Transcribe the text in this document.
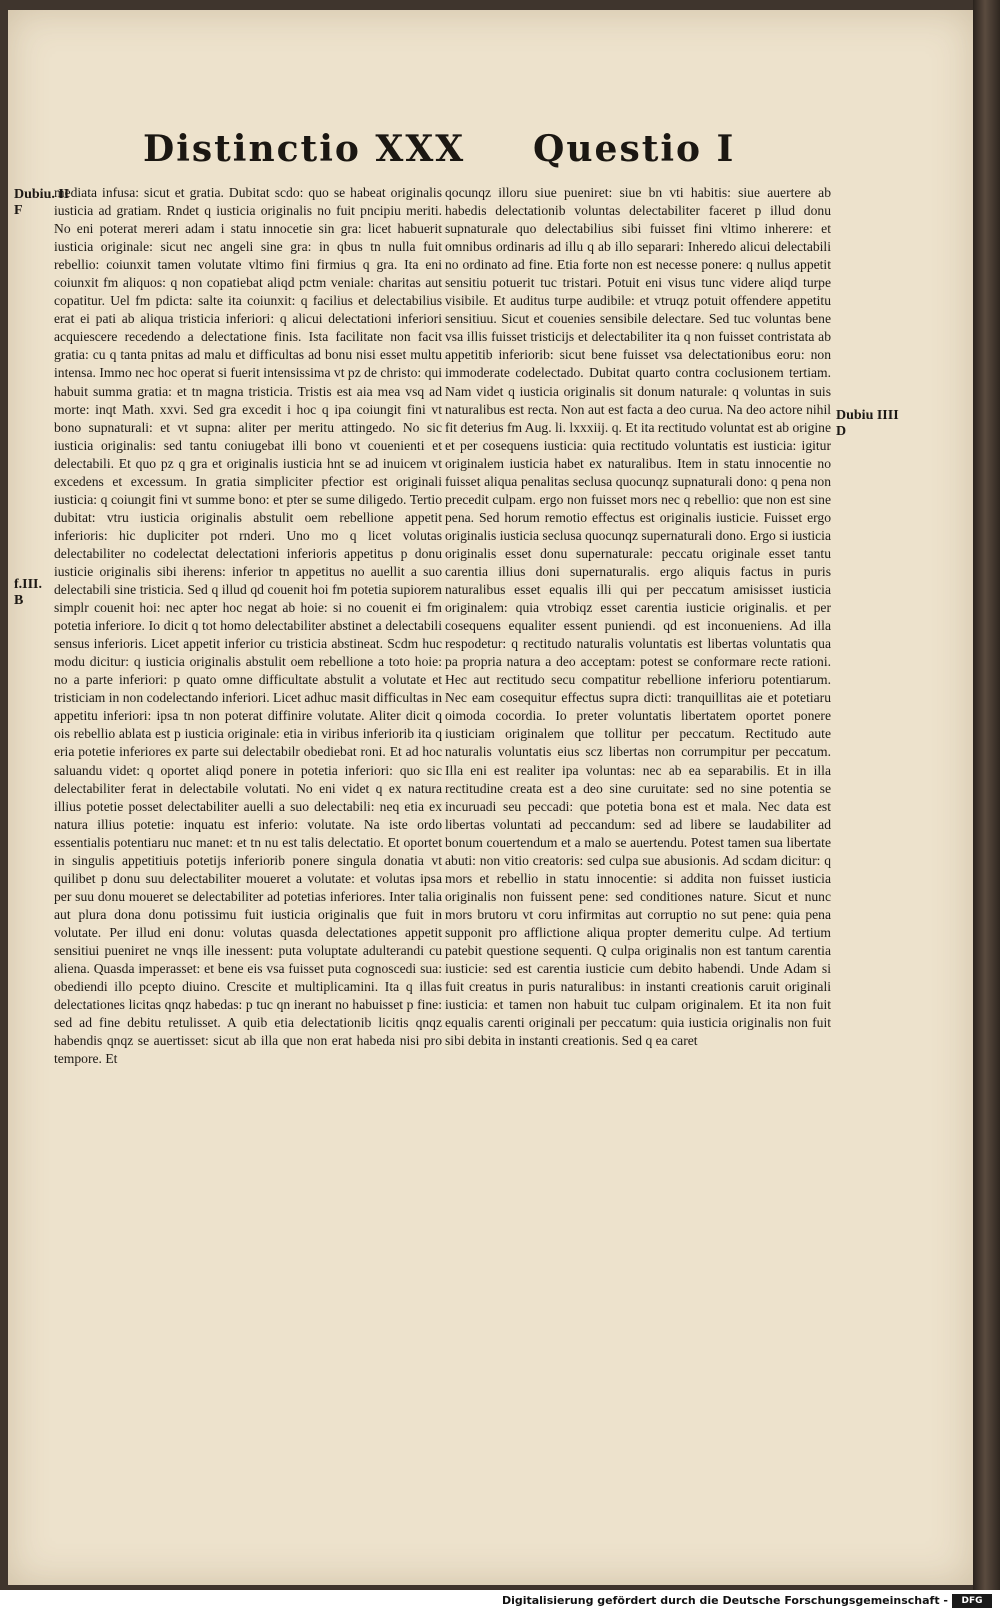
Distinctio XXX Questio I
Dubiu. II
F
f.III.
B
Dubiu IIII
D

mediata infusa: sicut et gratia. Dubitat scdo: quo se habeat originalis iusticia ad gratiam. Rndet q iusticia originalis no fuit pncipiu meriti. No eni poterat mereri adam i statu innocetie sin gra: licet habuerit iusticia originale: sicut nec angeli sine gra: in qbus tn nulla fuit rebellio: coiunxit tamen volutate vltimo fini firmius q gra. Ita eni coiunxit fm aliquos: q non copatiebat aliqd pctm veniale: charitas aut copatitur. Uel fm pdicta: salte ita coiunxit: q facilius et delectabilius erat ei pati ab aliqua tristicia inferiori: q alicui delectationi inferiori acquiescere recedendo a delectatione finis. Ista facilitate non facit gratia: cu q tanta pnitas ad malu et difficultas ad bonu nisi esset multu intensa. Immo nec hoc operat si fuerit intensissima vt pz de christo: qui habuit summa gratia: et tn magna tristicia. Tristis est aia mea vsq ad morte: inqt Math. xxvi. Sed gra excedit i hoc q ipa coiungit fini vt bono supnaturali: et vt supna: aliter per meritu attingedo. No sic iusticia originalis: sed tantu coniugebat illi bono vt couenienti et delectabili. Et quo pz q gra et originalis iusticia hnt se ad inuicem vt excedens et excessum. In gratia simpliciter pfectior est originali iusticia: q coiungit fini vt summe bono: et pter se sume diligedo. Tertio dubitat: vtru iusticia originalis abstulit oem rebellione appetit inferioris: hic dupliciter pot rnderi. Uno mo q licet volutas delectabiliter no codelectat delectationi inferioris appetitus p donu iusticie originalis sibi iherens: inferior tn appetitus no auellit a suo delectabili sine tristicia. Sed q illud qd couenit hoi fm potetia supiorem simplr couenit hoi: nec apter hoc negat ab hoie: si no couenit ei fm potetia inferiore. Io dicit q tot homo delectabiliter abstinet a delectabili sensus inferioris. Licet appetit inferior cu tristicia abstineat. Scdm huc modu dicitur: q iusticia originalis abstulit oem rebellione a toto hoie: no a parte inferiori: p quato omne difficultate abstulit a volutate et tristiciam in non codelectando inferiori. Licet adhuc masit difficultas in appetitu inferiori: ipsa tn non poterat diffinire volutate. Aliter dicit q ois rebellio ablata est p iusticia originale: etia in viribus inferiorib ita q eria potetie inferiores ex parte sui delectabilr obediebat roni. Et ad hoc saluandu videt: q oportet aliqd ponere in potetia inferiori: quo sic delectabiliter ferat in delectabile volutati. No eni videt q ex natura illius potetie posset delectabiliter auelli a suo delectabili: neq etia ex natura illius potetie: inquatu est inferio: volutate. Na iste ordo essentialis potentiaru nuc manet: et tn nu est talis delectatio. Et oportet in singulis appetitiuis potetijs inferiorib ponere singula donatia vt quilibet p donu suu delectabiliter moueret a volutate: et volutas ipsa per suu donu moueret se delectabiliter ad potetias inferiores. Inter talia aut plura dona donu potissimu fuit iusticia originalis que fuit in volutate. Per illud eni donu: volutas quasda delectationes appetit sensitiui pueniret ne vnqs ille inessent: puta voluptate adulterandi cu aliena. Quasda imperasset: et bene eis vsa fuisset puta cognoscedi sua: obediendi illo pcepto diuino. Crescite et multiplicamini. Ita q illas delectationes licitas qnqz habedas: p tuc qn inerant no habuisset p fine: sed ad fine debitu retulisset. A quib etia delectationib licitis qnqz habendis qnqz se auertisset: sicut ab illa que non erat habeda nisi pro tempore. Et

qocunqz illoru siue pueniret: siue bn vti habitis: siue auertere ab habedis delectationib voluntas delectabiliter faceret p illud donu supnaturale quo delectabilius sibi fuisset fini vltimo inherere: et omnibus ordinaris ad illu q ab illo separari: Inheredo alicui delectabili no ordinato ad fine. Etia forte non est necesse ponere: q nullus appetit sensitiu potuerit tuc tristari. Potuit eni visus tunc videre aliqd turpe visibile. Et auditus turpe audibile: et vtruqz potuit offendere appetitu sensitiuu. Sicut et couenies sensibile delectare. Sed tuc voluntas bene vsa illis fuisset tristicijs et delectabiliter ita q non fuisset contristata ab appetitib inferiorib: sicut bene fuisset vsa delectationibus eoru: non immoderate codelectado. Dubitat quarto contra coclusionem tertiam. Nam videt q iusticia originalis sit donum naturale: q voluntas in suis naturalibus est recta. Non aut est facta a deo curua. Na deo actore nihil fit deterius fm Aug. li. lxxxiij. q. Et ita rectitudo voluntat est ab origine et per cosequens iusticia: quia rectitudo voluntatis est iusticia: igitur originalem iusticia habet ex naturalibus. Item in statu innocentie no fuisset aliqua penalitas seclusa quocunqz supnaturali dono: q pena non precedit culpam. ergo non fuisset mors nec q rebellio: que non est sine pena. Sed horum remotio effectus est originalis iusticie. Fuisset ergo originalis iusticia seclusa quocunqz supernaturali dono. Ergo si iusticia originalis esset donu supernaturale: peccatu originale esset tantu carentia illius doni supernaturalis. ergo aliquis factus in puris naturalibus esset equalis illi qui per peccatum amisisset iusticia originalem: quia vtrobiqz esset carentia iusticie originalis. et per cosequens equaliter essent puniendi. qd est inconueniens. Ad illa respodetur: q rectitudo naturalis voluntatis est libertas voluntatis qua pa propria natura a deo acceptam: potest se conformare recte rationi. Hec aut rectitudo secu compatitur rebellione inferioru potentiarum. Nec eam cosequitur effectus supra dicti: tranquillitas aie et potetiaru oimoda cocordia. Io preter voluntatis libertatem oportet ponere iusticiam originalem que tollitur per peccatum. Rectitudo aute naturalis voluntatis eius scz libertas non corrumpitur per peccatum. Illa eni est realiter ipa voluntas: nec ab ea separabilis. Et in illa rectitudine creata est a deo sine curuitate: sed no sine potentia se incuruadi seu peccadi: que potetia bona est et mala. Nec data est libertas voluntati ad peccandum: sed ad libere se laudabiliter ad bonum couertendum et a malo se auertendu. Potest tamen sua libertate abuti: non vitio creatoris: sed culpa sue abusionis. Ad scdam dicitur: q mors et rebellio in statu innocentie: si addita non fuisset iusticia originalis non fuissent pene: sed conditiones nature. Sicut et nunc mors brutoru vt coru infirmitas aut corruptio no sut pene: quia pena supponit pro afflictione aliqua propter demeritu culpe. Ad tertium patebit questione sequenti. Q culpa originalis non est tantum carentia iusticie: sed est carentia iusticie cum debito habendi. Unde Adam si fuit creatus in puris naturalibus: in instanti creationis caruit originali iusticia: et tamen non habuit tuc culpam originalem. Et ita non fuit equalis carenti originali per peccatum: quia iusticia originalis non fuit sibi debita in instanti creationis. Sed q ea caret

Digitalisierung gefördert durch die Deutsche Forschungsgemeinschaft -	DFG
